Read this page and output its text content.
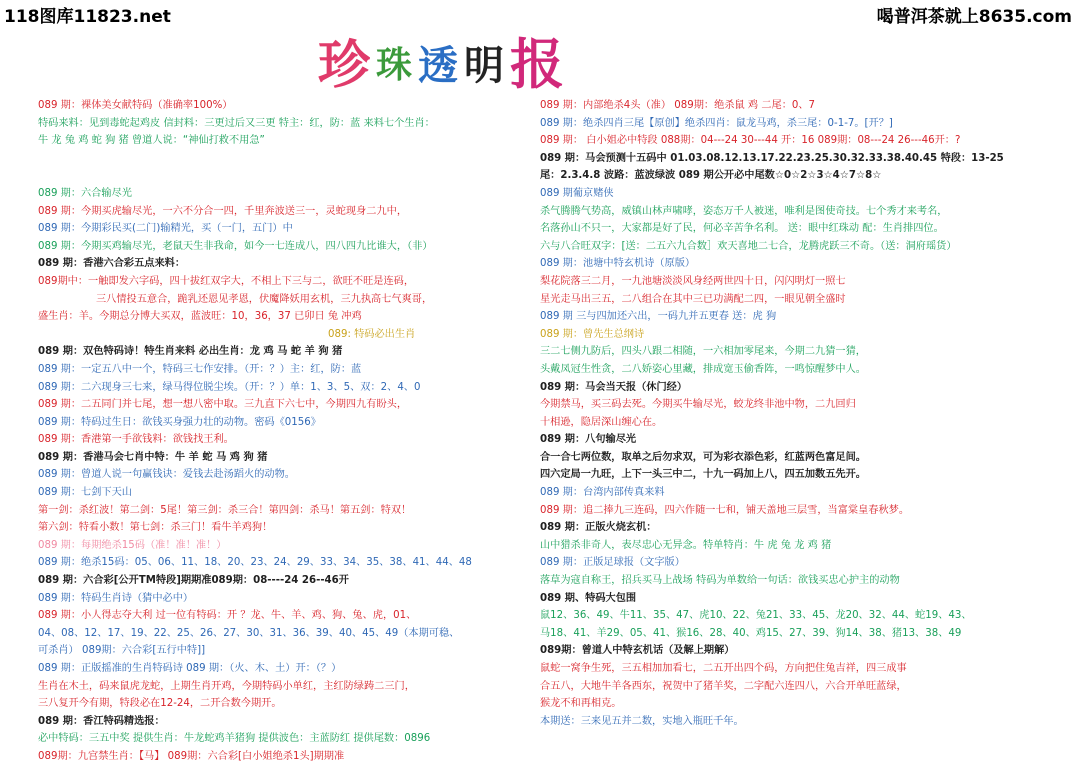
118图库11823.net	喝普洱茶就上8635.com
珍 珠 透 明 报
089 期：裸体美女献特码（准确率100%）
特码来料：见到毒蛇起鸡皮 信封料：三更过后又三更 特主：红，防：蓝 来料七个生肖：
牛 龙 兔 鸡 蛇 狗 猪 曾道人说：“神仙打救不用急”
089 期：六合输尽光
089 期：今期买虎输尽光，一六不分合一四，千里奔波送三一，灵蛇现身二九中，
089 期：今期彩民买(二门)输精光，买（一门，五门）中
089 期：今期买鸡输尽光，老鼠天生非我命，如今一七连成八，四八四九比谁大，（非）
089 期：香港六合彩五点来料：
089期中：一触即发六字码，四十拔红双字大，不相上下三与二，欲旺不旺是连码，
三八情投五意合，跪乳还恩见孝恩，伏魔降妖用玄机，三九执高七气爽哥，
盛生肖：羊。今期总分博大买双，蓝波旺：10，36，37 已卯日 兔 冲鸡
089: 特码必出生肖
089 期：双色特码诗！特生肖来料 必出生肖：龙 鸡 马 蛇 羊 狗 猪
089 期：一定五八中一个，特码三七作安排。（开：？）主：红，防：蓝
089 期：二六现身三七来，绿马得位脱尘埃。（开：？）单：1、3、5、双：2、4、0
089 期：二五同门并七尾，想一想八密中取。三九直下六七中，今期四九有盼头，
089 期：特码过生日：欲钱买身强力壮的动物。密码《0156》
089 期：香港第一手欲钱料：欲钱找王利。
089 期：香港马会七肖中特：牛 羊 蛇 马 鸡 狗 猪
089 期：曾道人说一句赢钱诀：爱钱去赴汤蹈火的动物。
089 期：七剑下天山
第一剑：杀红波！第二剑：5尾！第三剑：杀三合！第四剑：杀马！第五剑：特双！
第六剑：特看小数！第七剑：杀三门！看牛羊鸡狗！
089 期：每期绝杀15码（准！准！准！）
089 期：绝杀15码：05、06、11、18、20、23、24、29、33、34、35、38、41、44、48
089 期：六合彩[公开TM特段]期期准089期：08----24 26--46开
089 期：特码生肖诗（猜中必中）
089 期：小人得志夺大利 过一位有特码：开 ？龙、牛、羊、鸡、狗、兔、虎，01、
04、08、12、17、19、22、25、26、27、30、31、36、39、40、45、49（本期可稳、
可杀肖） 089期：六合彩[五行中特]]
089 期：正版摇准的生肖特码诗 089 期：（火、木、土）开：（？）
生肖在木土，码来鼠虎龙蛇，上期生肖开鸡，今期特码小单红，主红防绿踌二三门，
三八复开今有期，特段必在12-24，二开合数今期开。
089 期：香江特码精选报：
必中特码：三五中奖 提供生肖：牛龙蛇鸡羊猪狗 提供波色：主蓝防红 提供尾数：0896
089期：九宫禁生肖：【马】 089期：六合彩[白小姐绝杀1头]期期准
089 期：内部绝杀4头（准） 089期：绝杀鼠 鸡 二尾：0、7
089 期：绝杀四肖三尾【原创】绝杀四肖：鼠龙马鸡，杀三尾：0-1-7。[开？]
089 期： 白小姐必中特段 088期：04---24 30---44 开：16 089期：08---24 26---46开：?
089 期：马会预测十五码中 01.03.08.12.13.17.22.23.25.30.32.33.38.40.45 特段：13-25
尾：2.3.4.8 波路：蓝波绿波 089 期公开必中尾数☆0☆2☆3☆4☆7☆8☆
089 期葡京赌侠
杀气腾腾气势高，威镇山林声啸哮，姿态万千人被迷，唯利是图使奇技。七个秀才来考名，
名落孙山不只一，大家都是好了民，何必辛苦争名利。 送：眼中红珠动 配：生肖排四位。
六与八合旺双字：[送：二五六九合数］欢天喜地二七合，龙腾虎跃三不奇。（送：洞府瑶货）
089 期：池塘中特玄机诗（原版）
梨花院落三二月，一九池塘淡淡风身经两世四十日，闪闪明灯一照七
星光走马出三五，二八组合在其中三已功满配二四，一眼见朝全盛时
089 期 三与四加还六出，一码九并五更春 送：虎 狗
089 期：曾先生总纲诗
三二七侧九防后，四头八跟二相随，一六相加零尾来，今期二九猜一猜，
头戴凤冠生性贪，二八娇姿心里藏，排成宽玉偷香阵，一鸣惊醒梦中人。
089 期：马会当天报（休门经）
今期禁马，买三码去死。今期买牛输尽光，蛟龙终非池中物，二九回归
十相逊，隐居深山缠心在。
089 期：八句输尽光
合一合七两位数，取单之后勿求双，可为彩衣添色彩，红蓝两色富足间。
四六定局一九旺，上下一头三中二，十九一码加上八，四五加数五先开。
089 期：台湾内部传真来料
089 期：追二捧九三连码，四六作随一七和，铺天盖地三层雪，当富棠皇春秋梦。
089 期：正版火烧玄机：
山中猎杀非奇人，表尽忠心无异念。特单特肖：牛 虎 兔 龙 鸡 猪
089 期：正版足球报（文字版）
落草为寇自称王，招兵买马上战场 特码为单数给一句话：欲钱买忠心护主的动物
089 期、特码大包围
鼠12、36、49、牛11、35、47、虎10、22、兔21、33、45、龙20、32、44、蛇19、43、
马18、41、羊29、05、41、猴16、28、40、鸡15、27、39、狗14、38、猪13、38、49
089期：曾道人中特玄机话（及解上期解）
鼠蛇一窝争生死，三五相加加看七，二五开出四个码，方向把住兔吉祥，四三成事
合五八，大地牛羊各西东，祝贺中了猪羊奖，二字配六连四八，六合开单旺蓝绿，
猴龙不和再相克。
本期送：三来见五并二数，实地入瓶旺千年。
